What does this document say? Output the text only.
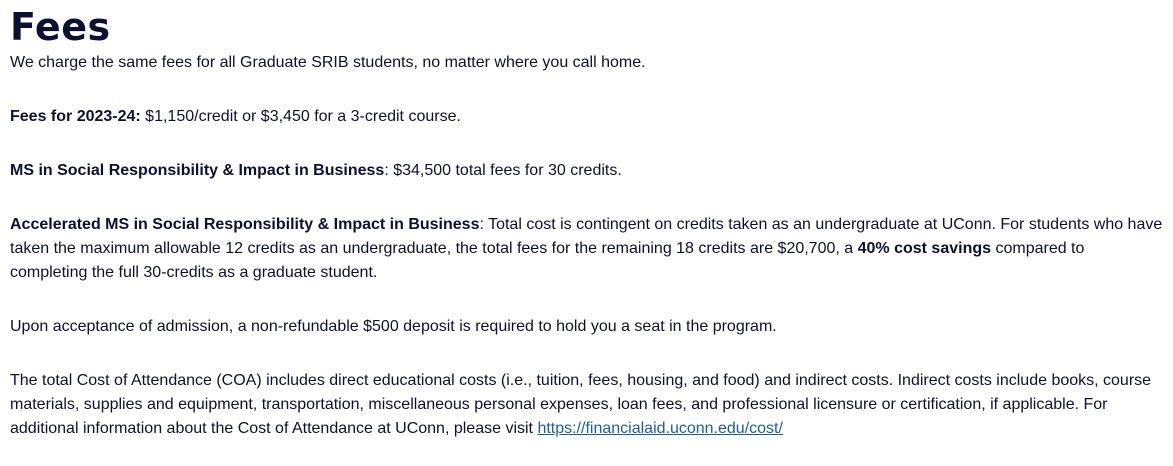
Fees

We charge the same fees for all Graduate SRIB students, no matter where you call home.

Fees for 2023-24: $1,150/credit or $3,450 for a 3-credit course.

MS in Social Responsibility & Impact in Business: $34,500 total fees for 30 credits.

Accelerated MS in Social Responsibility & Impact in Business: Total cost is contingent on credits taken as an undergraduate at UConn. For students who have taken the maximum allowable 12 credits as an undergraduate, the total fees for the remaining 18 credits are $20,700, a 40% cost savings compared to completing the full 30-credits as a graduate student.

Upon acceptance of admission, a non-refundable $500 deposit is required to hold you a seat in the program.

The total Cost of Attendance (COA) includes direct educational costs (i.e., tuition, fees, housing, and food) and indirect costs. Indirect costs include books, course materials, supplies and equipment, transportation, miscellaneous personal expenses, loan fees, and professional licensure or certification, if applicable. For additional information about the Cost of Attendance at UConn, please visit https://financialaid.uconn.edu/cost/
